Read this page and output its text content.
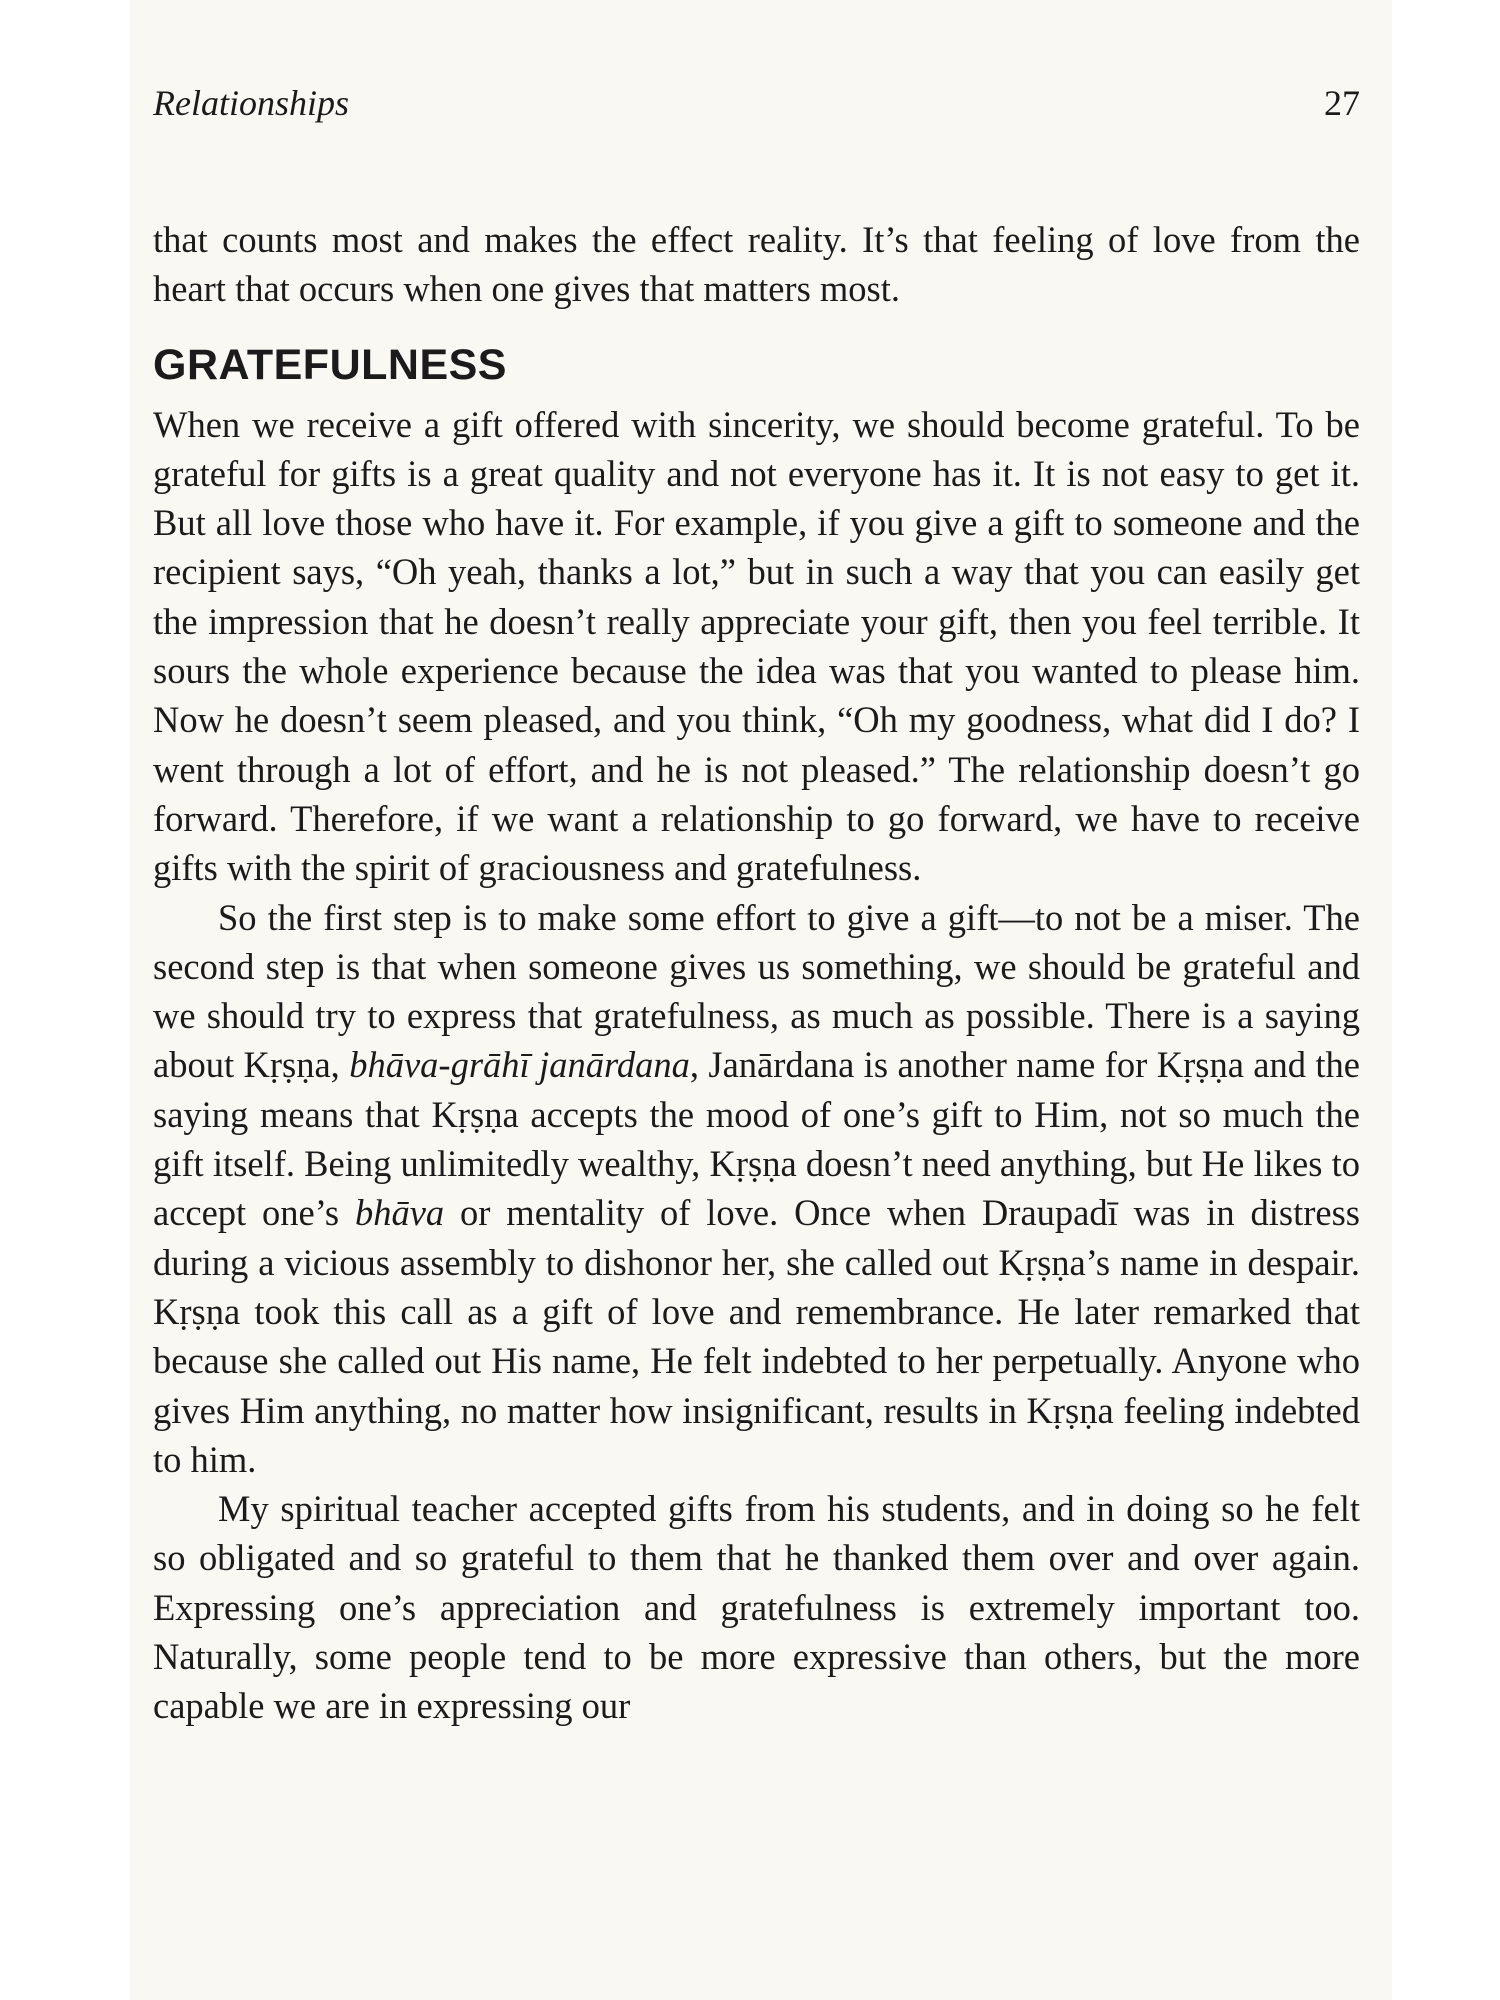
Relationships	27

that counts most and makes the effect reality. It’s that feeling of love from the heart that occurs when one gives that matters most.

GRATEFULNESS

When we receive a gift offered with sincerity, we should become grateful. To be grateful for gifts is a great quality and not everyone has it. It is not easy to get it. But all love those who have it. For example, if you give a gift to someone and the recipient says, “Oh yeah, thanks a lot,” but in such a way that you can easily get the impression that he doesn’t really appreciate your gift, then you feel terrible. It sours the whole experience because the idea was that you wanted to please him. Now he doesn’t seem pleased, and you think, “Oh my goodness, what did I do? I went through a lot of effort, and he is not pleased.” The relationship doesn’t go forward. Therefore, if we want a relationship to go forward, we have to receive gifts with the spirit of graciousness and gratefulness.

So the first step is to make some effort to give a gift—to not be a miser. The second step is that when someone gives us something, we should be grateful and we should try to express that gratefulness, as much as possible. There is a saying about Kṛṣṇa, bhāva-grāhī janārdana, Janārdana is another name for Kṛṣṇa and the saying means that Kṛṣṇa accepts the mood of one’s gift to Him, not so much the gift itself. Being unlimitedly wealthy, Kṛṣṇa doesn’t need anything, but He likes to accept one’s bhāva or mentality of love. Once when Draupadī was in distress during a vicious assembly to dishonor her, she called out Kṛṣṇa’s name in despair. Kṛṣṇa took this call as a gift of love and remembrance. He later remarked that because she called out His name, He felt indebted to her perpetually. Anyone who gives Him anything, no matter how insignificant, results in Kṛṣṇa feeling indebted to him.

My spiritual teacher accepted gifts from his students, and in doing so he felt so obligated and so grateful to them that he thanked them over and over again. Expressing one’s appreciation and gratefulness is extremely important too. Naturally, some people tend to be more expressive than others, but the more capable we are in expressing our
